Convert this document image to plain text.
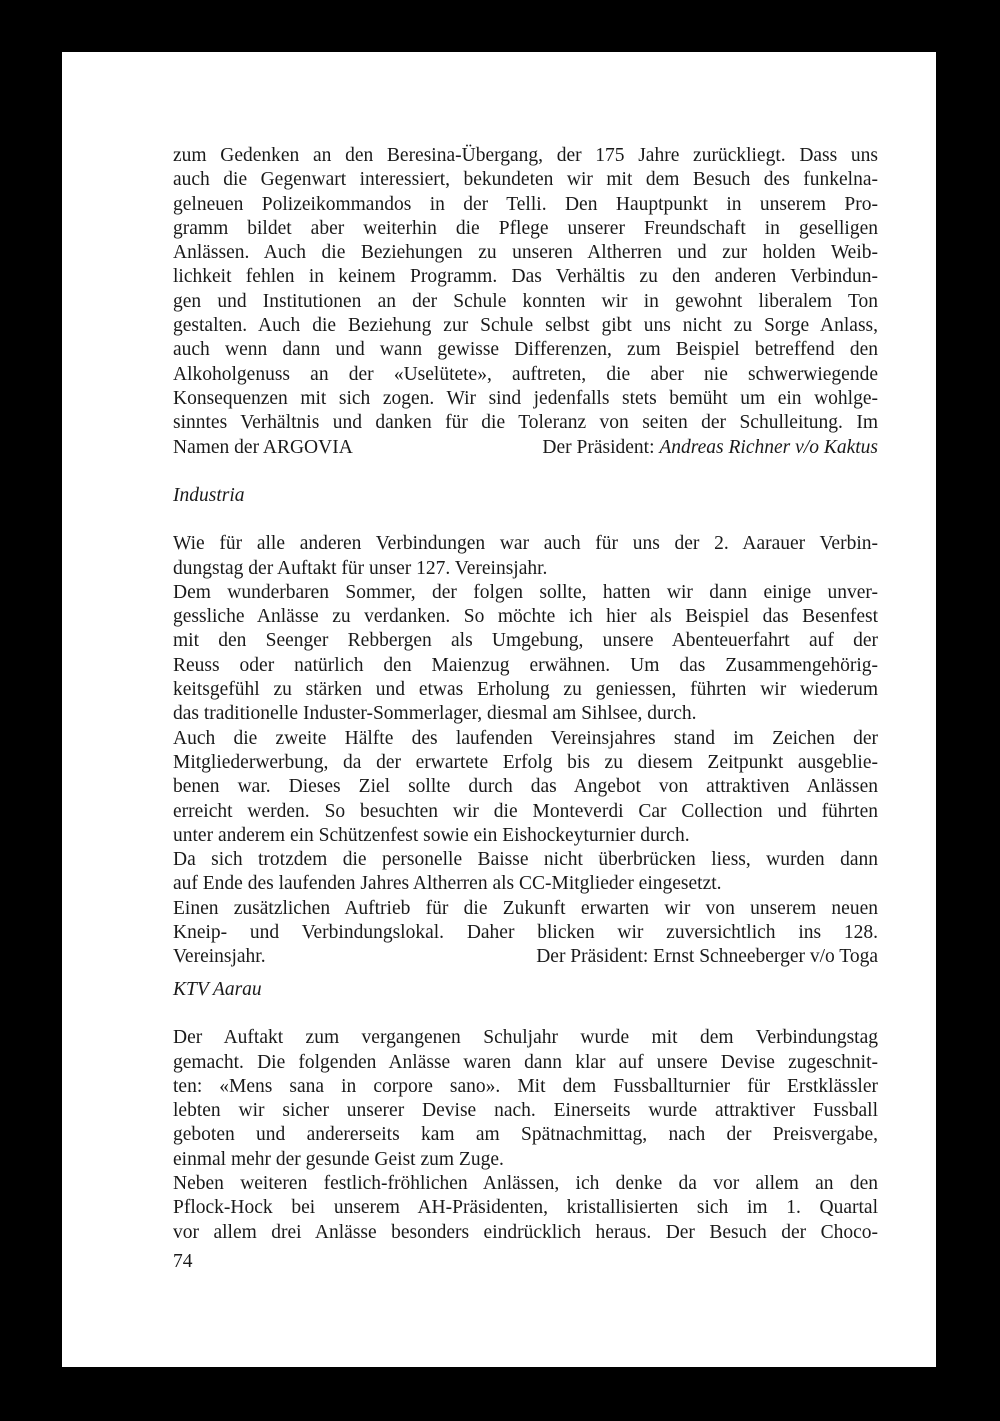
zum Gedenken an den Beresina-Übergang, der 175 Jahre zurückliegt. Dass uns
auch die Gegenwart interessiert, bekundeten wir mit dem Besuch des funkelna-
gelneuen Polizeikommandos in der Telli. Den Hauptpunkt in unserem Pro-
gramm bildet aber weiterhin die Pflege unserer Freundschaft in geselligen
Anlässen. Auch die Beziehungen zu unseren Altherren und zur holden Weib-
lichkeit fehlen in keinem Programm. Das Verhältis zu den anderen Verbindun-
gen und Institutionen an der Schule konnten wir in gewohnt liberalem Ton
gestalten. Auch die Beziehung zur Schule selbst gibt uns nicht zu Sorge Anlass,
auch wenn dann und wann gewisse Differenzen, zum Beispiel betreffend den
Alkoholgenuss an der «Uselütete», auftreten, die aber nie schwerwiegende
Konsequenzen mit sich zogen. Wir sind jedenfalls stets bemüht um ein wohlge-
sinntes Verhältnis und danken für die Toleranz von seiten der Schulleitung. Im
Namen der ARGOVIA	Der Präsident: Andreas Richner v/o Kaktus
Industria
Wie für alle anderen Verbindungen war auch für uns der 2. Aarauer Verbin-
dungstag der Auftakt für unser 127. Vereinsjahr.
Dem wunderbaren Sommer, der folgen sollte, hatten wir dann einige unver-
gessliche Anlässe zu verdanken. So möchte ich hier als Beispiel das Besenfest
mit den Seenger Rebbergen als Umgebung, unsere Abenteuerfahrt auf der
Reuss oder natürlich den Maienzug erwähnen. Um das Zusammengehörig-
keitsgefühl zu stärken und etwas Erholung zu geniessen, führten wir wiederum
das traditionelle Induster-Sommerlager, diesmal am Sihlsee, durch.
Auch die zweite Hälfte des laufenden Vereinsjahres stand im Zeichen der
Mitgliederwerbung, da der erwartete Erfolg bis zu diesem Zeitpunkt ausgeblie-
benen war. Dieses Ziel sollte durch das Angebot von attraktiven Anlässen
erreicht werden. So besuchten wir die Monteverdi Car Collection und führten
unter anderem ein Schützenfest sowie ein Eishockeyturnier durch.
Da sich trotzdem die personelle Baisse nicht überbrücken liess, wurden dann
auf Ende des laufenden Jahres Altherren als CC-Mitglieder eingesetzt.
Einen zusätzlichen Auftrieb für die Zukunft erwarten wir von unserem neuen
Kneip- und Verbindungslokal. Daher blicken wir zuversichtlich ins 128.
Vereinsjahr.	Der Präsident: Ernst Schneeberger v/o Toga
KTV Aarau
Der Auftakt zum vergangenen Schuljahr wurde mit dem Verbindungstag
gemacht. Die folgenden Anlässe waren dann klar auf unsere Devise zugeschnit-
ten: «Mens sana in corpore sano». Mit dem Fussballturnier für Erstklässler
lebten wir sicher unserer Devise nach. Einerseits wurde attraktiver Fussball
geboten und andererseits kam am Spätnachmittag, nach der Preisvergabe,
einmal mehr der gesunde Geist zum Zuge.
Neben weiteren festlich-fröhlichen Anlässen, ich denke da vor allem an den
Pflock-Hock bei unserem AH-Präsidenten, kristallisierten sich im 1. Quartal
vor allem drei Anlässe besonders eindrücklich heraus. Der Besuch der Choco-
74
